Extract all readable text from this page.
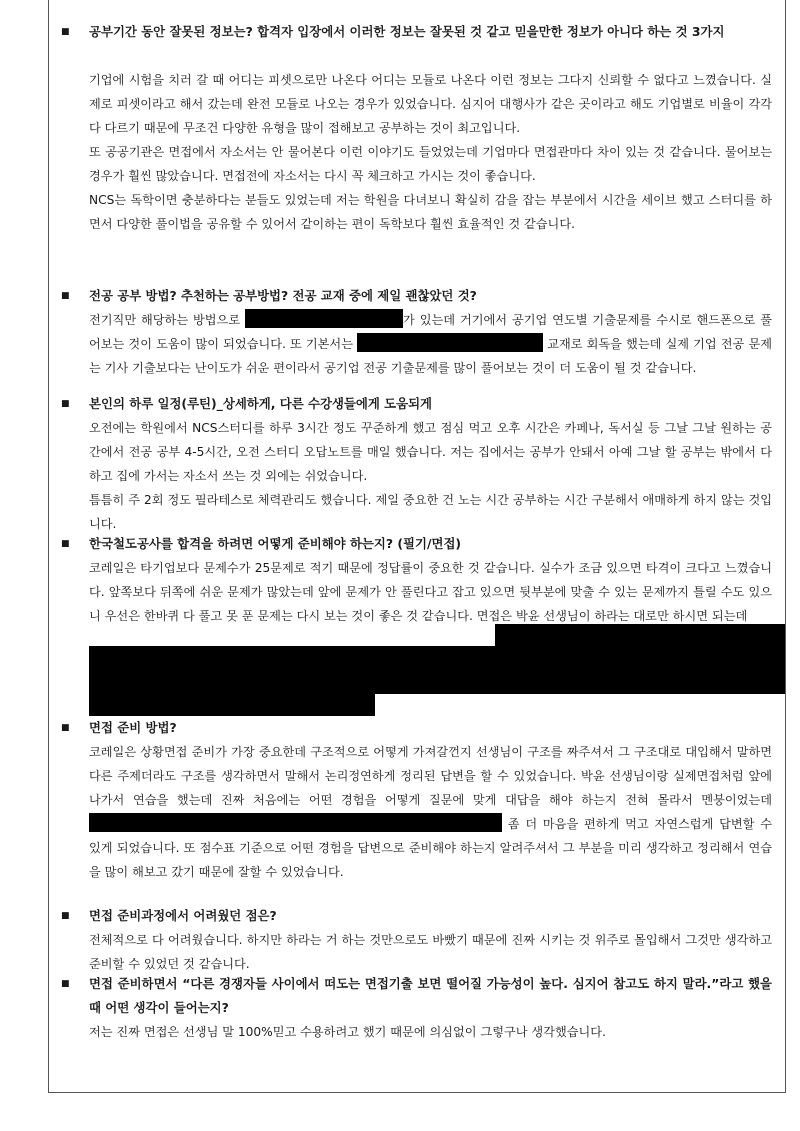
■ 공부기간 동안 잘못된 정보는? 합격자 입장에서 이러한 정보는 잘못된 것 같고 믿을만한 정보가 아니다 하는 것 3가지

기업에 시험을 치러 갈 때 어디는 피셋으로만 나온다 어디는 모듈로 나온다 이런 정보는 그다지 신뢰할 수 없다고 느꼈습니다. 실제로 피셋이라고 해서 갔는데 완전 모듈로 나오는 경우가 있었습니다. 심지어 대행사가 같은 곳이라고 해도 기업별로 비율이 각각 다 다르기 때문에 무조건 다양한 유형을 많이 접해보고 공부하는 것이 최고입니다.

또 공공기관은 면접에서 자소서는 안 물어본다 이런 이야기도 들었었는데 기업마다 면접관마다 차이 있는 것 같습니다. 물어보는 경우가 훨씬 많았습니다. 면접전에 자소서는 다시 꼭 체크하고 가시는 것이 좋습니다.

NCS는 독학이면 충분하다는 분들도 있었는데 저는 학원을 다녀보니 확실히 감을 잡는 부분에서 시간을 세이브 했고 스터디를 하면서 다양한 풀이법을 공유할 수 있어서 같이하는 편이 독학보다 훨씬 효율적인 것 같습니다.

■ 전공 공부 방법? 추천하는 공부방법? 전공 교재 중에 제일 괜찮았던 것?

전기직만 해당하는 방법으로	가 있는데 거기에서 공기업 연도별 기출문제를 수시로 핸드폰으로 풀어보는 것이 도움이 많이 되었습니다. 또 기본서는	교재로 회독을 했는데 실제 기업 전공 문제는 기사 기출보다는 난이도가 쉬운 편이라서 공기업 전공 기출문제를 많이 풀어보는 것이 더 도움이 될 것 같습니다.

■ 본인의 하루 일정(루틴)_상세하게, 다른 수강생들에게 도움되게

오전에는 학원에서 NCS스터디를 하루 3시간 정도 꾸준하게 했고 점심 먹고 오후 시간은 카페나, 독서실 등 그날 그날 원하는 공간에서 전공 공부 4-5시간, 오전 스터디 오답노트를 매일 했습니다. 저는 집에서는 공부가 안돼서 아예 그날 할 공부는 밖에서 다 하고 집에 가서는 자소서 쓰는 것 외에는 쉬었습니다.

틈틈히 주 2회 정도 필라테스로 체력관리도 했습니다. 제일 중요한 건 노는 시간 공부하는 시간 구분해서 애매하게 하지 않는 것입니다.

■ 한국철도공사를 합격을 하려면 어떻게 준비해야 하는지? (필기/면접)

코레일은 타기업보다 문제수가 25문제로 적기 때문에 정답률이 중요한 것 같습니다. 실수가 조금 있으면 타격이 크다고 느꼈습니다. 앞쪽보다 뒤쪽에 쉬운 문제가 많았는데 앞에 문제가 안 풀린다고 잡고 있으면 뒷부분에 맞출 수 있는 문제까지 틀릴 수도 있으니 우선은 한바퀴 다 풀고 못 푼 문제는 다시 보는 것이 좋은 것 같습니다. 면접은 박윤 선생님이 하라는 대로만 하시면 되는데

■ 면접 준비 방법?

코레일은 상황면접 준비가 가장 중요한데 구조적으로 어떻게 가져갈껀지 선생님이 구조를 짜주셔서 그 구조대로 대입해서 말하면 다른 주제더라도 구조를 생각하면서 말해서 논리정연하게 정리된 답변을 할 수 있었습니다. 박윤 선생님이랑 실제면접처럼 앞에 나가서 연습을 했는데 진짜 처음에는 어떤 경험을 어떻게 질문에 맞게 대답을 해야 하는지 전혀 몰라서 멘붕이었는데  좀 더 마음을 편하게 먹고 자연스럽게 답변할 수 있게 되었습니다. 또 점수표 기준으로 어떤 경험을 답변으로 준비해야 하는지 알려주셔서 그 부분을 미리 생각하고 정리해서 연습을 많이 해보고 갔기 때문에 잘할 수 있었습니다.

■ 면접 준비과정에서 어려웠던 점은?

전체적으로 다 어려웠습니다. 하지만 하라는 거 하는 것만으로도 바빴기 때문에 진짜 시키는 것 위주로 몰입해서 그것만 생각하고 준비할 수 있었던 것 같습니다.

■ 면접 준비하면서 “다른 경쟁자들 사이에서 떠도는 면접기출 보면 떨어질 가능성이 높다. 심지어 참고도 하지 말라.”라고 했을 때 어떤 생각이 들어는지?

저는 진짜 면접은 선생님 말 100%믿고 수용하려고 했기 때문에 의심없이 그렇구나 생각했습니다.
